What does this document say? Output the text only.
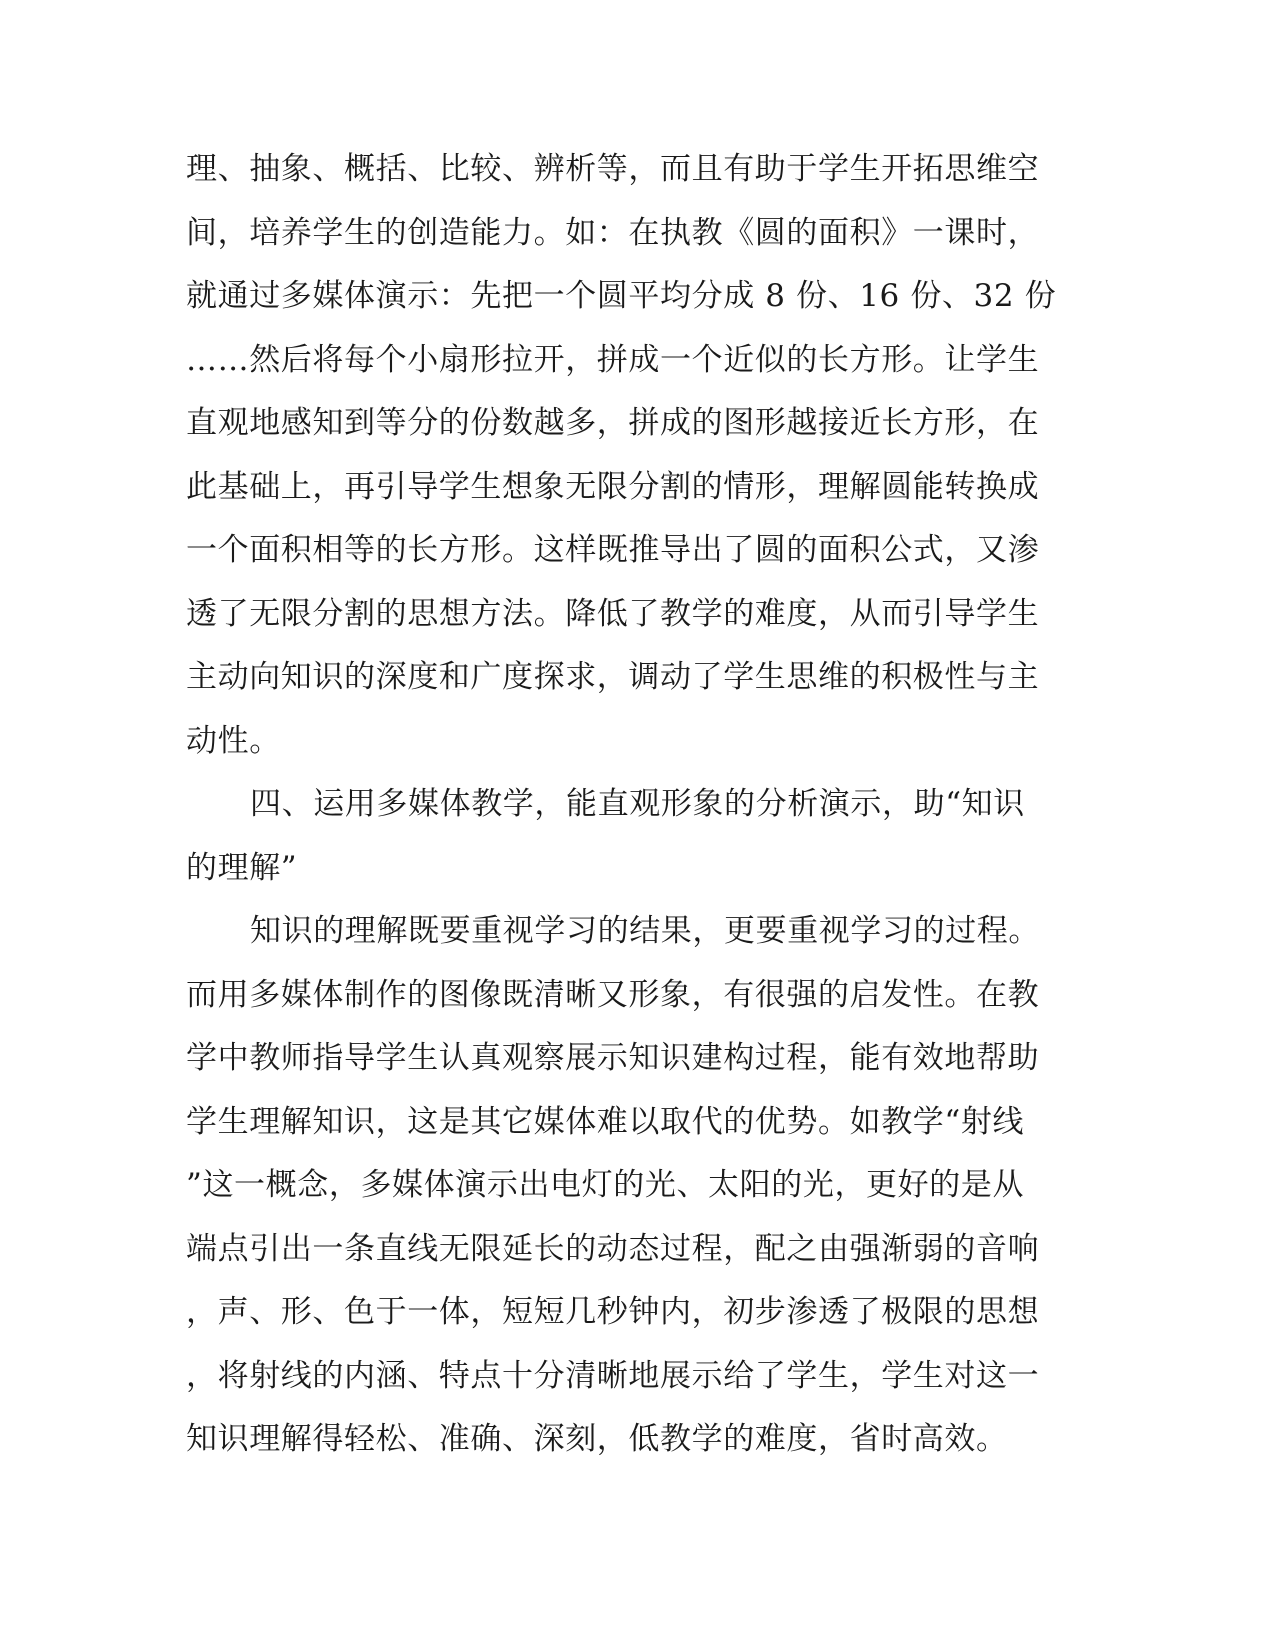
理、抽象、概括、比较、辨析等，而且有助于学生开拓思维空
间，培养学生的创造能力。如：在执教《圆的面积》一课时，
就通过多媒体演示：先把一个圆平均分成 8 份、16 份、32 份
……然后将每个小扇形拉开，拼成一个近似的长方形。让学生
直观地感知到等分的份数越多，拼成的图形越接近长方形，在
此基础上，再引导学生想象无限分割的情形，理解圆能转换成
一个面积相等的长方形。这样既推导出了圆的面积公式，又渗
透了无限分割的思想方法。降低了教学的难度，从而引导学生
主动向知识的深度和广度探求，调动了学生思维的积极性与主
动性。
四、运用多媒体教学，能直观形象的分析演示，助“知识
的理解”
知识的理解既要重视学习的结果，更要重视学习的过程。
而用多媒体制作的图像既清晰又形象，有很强的启发性。在教
学中教师指导学生认真观察展示知识建构过程，能有效地帮助
学生理解知识，这是其它媒体难以取代的优势。如教学“射线
”这一概念，多媒体演示出电灯的光、太阳的光，更好的是从
端点引出一条直线无限延长的动态过程，配之由强渐弱的音响
，声、形、色于一体，短短几秒钟内，初步渗透了极限的思想
，将射线的内涵、特点十分清晰地展示给了学生，学生对这一
知识理解得轻松、准确、深刻，低教学的难度，省时高效。
